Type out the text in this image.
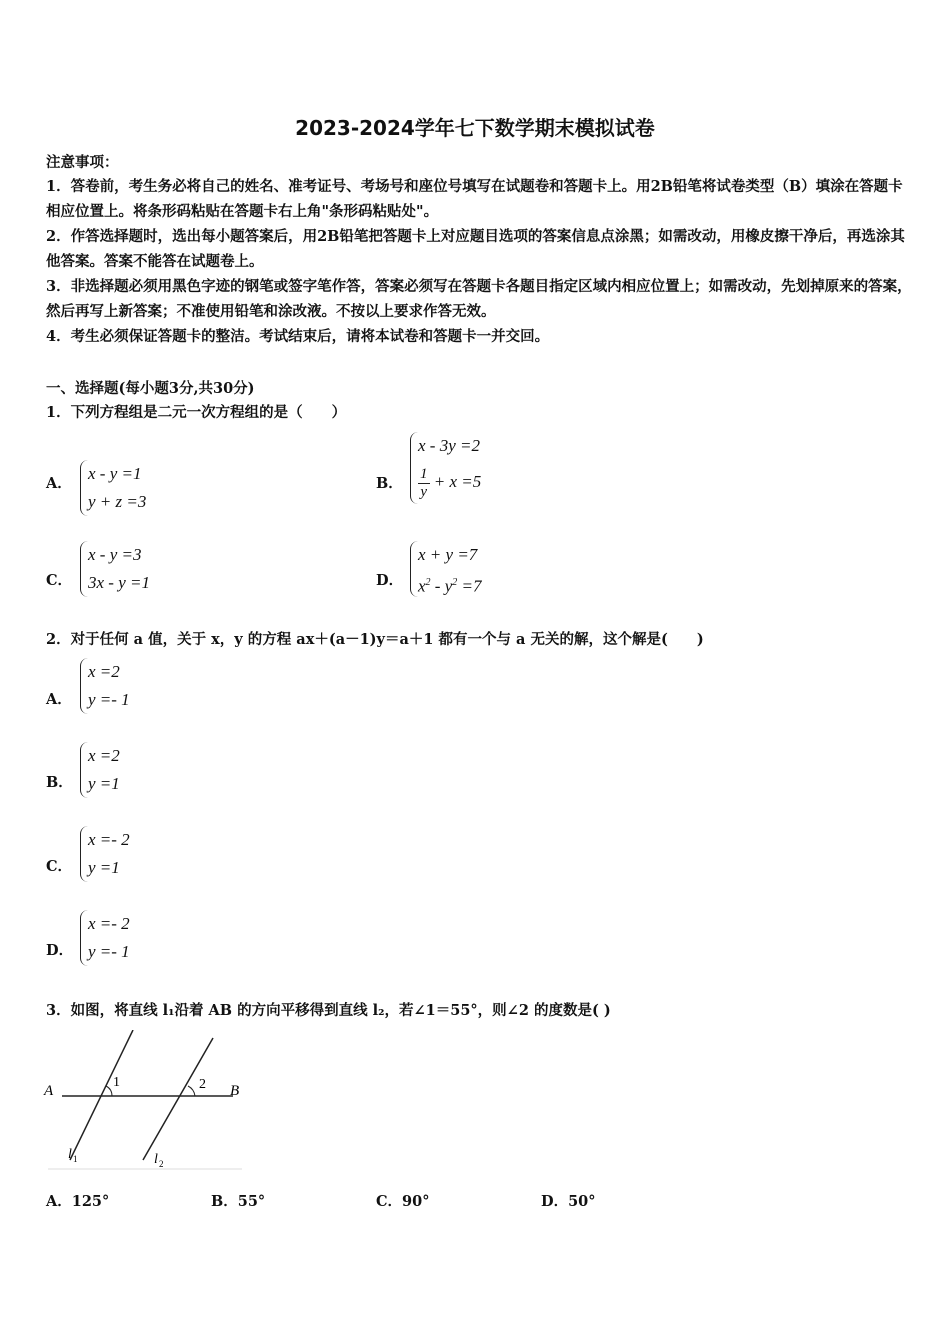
2023-2024学年七下数学期末模拟试卷
注意事项：
1．答卷前，考生务必将自己的姓名、准考证号、考场号和座位号填写在试题卷和答题卡上。用2B铅笔将试卷类型（B）填涂在答题卡相应位置上。将条形码粘贴在答题卡右上角"条形码粘贴处"。
2．作答选择题时，选出每小题答案后，用2B铅笔把答题卡上对应题目选项的答案信息点涂黑；如需改动，用橡皮擦干净后，再选涂其他答案。答案不能答在试题卷上。
3．非选择题必须用黑色字迹的钢笔或签字笔作答，答案必须写在答题卡各题目指定区域内相应位置上；如需改动，先划掉原来的答案，然后再写上新答案；不准使用铅笔和涂改液。不按以上要求作答无效。
4．考生必须保证答题卡的整洁。考试结束后，请将本试卷和答题卡一并交回。
一、选择题(每小题3分,共30分)
1．下列方程组是二元一次方程组的是（　　）
A．
x - y =1
y + z =3
B．
x - 3y =2
$\frac{1}{y} + x =5$
C．
x - y =3
3x - y =1	D．
x + y =7
$x^2 - y^2 =7$
2．对于任何 a 值，关于 x，y 的方程 ax＋(a－1)y＝a＋1 都有一个与 a 无关的解，这个解是(　　)
A．
x =2
y =- 1
B．
x =2
y =1
C．
x =- 2
y =1
D．
x =- 2
y =- 1
3．如图，将直线 l₁沿着 AB 的方向平移得到直线 l₂，若∠1＝55°，则∠2 的度数是( )
A	B
1	2
l 1	l 2
A．125°	B．55°	C．90°	D．50°
